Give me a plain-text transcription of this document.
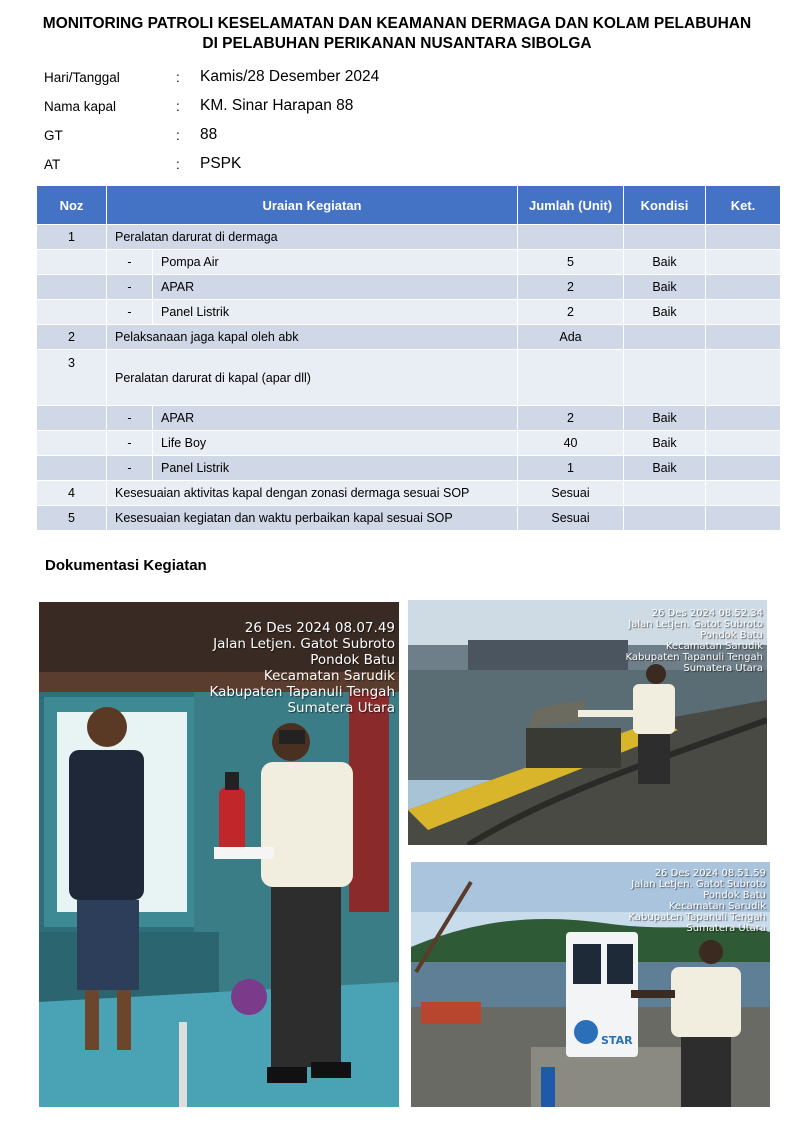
MONITORING PATROLI KESELAMATAN DAN KEAMANAN DERMAGA DAN KOLAM PELABUHAN
DI PELABUHAN PERIKANAN NUSANTARA SIBOLGA
Hari/Tanggal	: Kamis/28 Desember 2024
Nama kapal	: KM. Sinar Harapan 88
GT	: 88
AT	: PSPK
Noz	Uraian Kegiatan		Jumlah (Unit)	Kondisi	Ket.
1	Peralatan darurat di dermaga				
	-	Pompa Air	5	Baik	
	-	APAR	2	Baik	
	-	Panel Listrik	2	Baik	
2	Pelaksanaan jaga kapal oleh abk		Ada		
3	Peralatan darurat di kapal (apar dll)				
	-	APAR	2	Baik	
	-	Life Boy	40	Baik	
	-	Panel Listrik	1	Baik	
4	Kesesuaian aktivitas kapal dengan zonasi dermaga sesuai SOP		Sesuai		
5	Kesesuaian kegiatan dan waktu perbaikan kapal sesuai SOP		Sesuai		
Dokumentasi Kegiatan
26 Des 2024 08.07.49
Jalan Letjen. Gatot Subroto
Pondok Batu
Kecamatan Sarudik
Kabupaten Tapanuli Tengah
Sumatera Utara
26 Des 2024 08.52.34
Jalan Letjen. Gatot Subroto
Pondok Batu
Kecamatan Sarudik
Kabupaten Tapanuli Tengah
Sumatera Utara
STAR
26 Des 2024 08.51.59
Jalan Letjen. Gatot Subroto
Pondok Batu
Kecamatan Sarudik
Kabupaten Tapanuli Tengah
Sumatera Utara
